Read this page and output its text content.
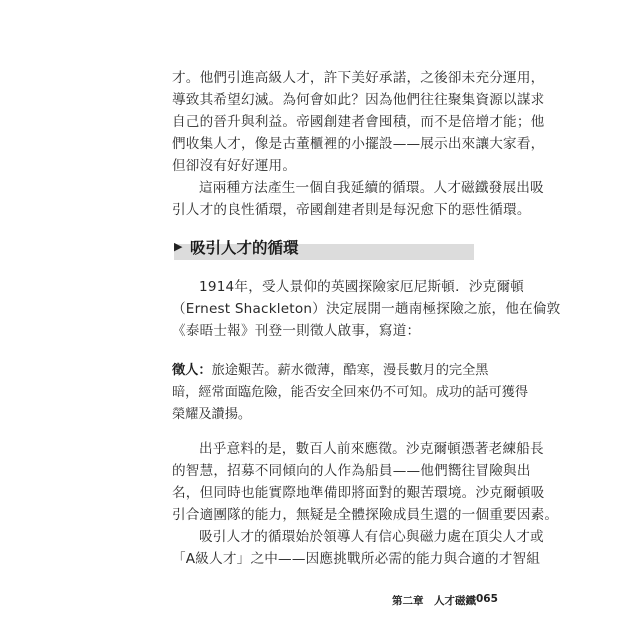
才。他們引進高級人才，許下美好承諾，之後卻未充分運用，
導致其希望幻滅。為何會如此？因為他們往往聚集資源以謀求
自己的晉升與利益。帝國創建者會囤積，而不是倍增才能；他
們收集人才，像是古董櫃裡的小擺設——展示出來讓大家看，
但卻沒有好好運用。
這兩種方法產生一個自我延續的循環。人才磁鐵發展出吸
引人才的良性循環，帝國創建者則是每況愈下的惡性循環。
▶ 吸引人才的循環
1914年，受人景仰的英國探險家厄尼斯頓．沙克爾頓
（Ernest Shackleton）決定展開一趟南極探險之旅，他在倫敦
《泰晤士報》刊登一則徵人啟事，寫道：
徵人：旅途艱苦。薪水微薄，酷寒，漫長數月的完全黑
暗，經常面臨危險，能否安全回來仍不可知。成功的話可獲得
榮耀及讚揚。
出乎意料的是，數百人前來應徵。沙克爾頓憑著老練船長
的智慧，招募不同傾向的人作為船員——他們嚮往冒險與出
名，但同時也能實際地準備即將面對的艱苦環境。沙克爾頓吸
引合適團隊的能力，無疑是全體探險成員生還的一個重要因素。
吸引人才的循環始於領導人有信心與磁力處在頂尖人才或
「A級人才」之中——因應挑戰所必需的能力與合適的才智組
第二章　人才磁鐵 065
